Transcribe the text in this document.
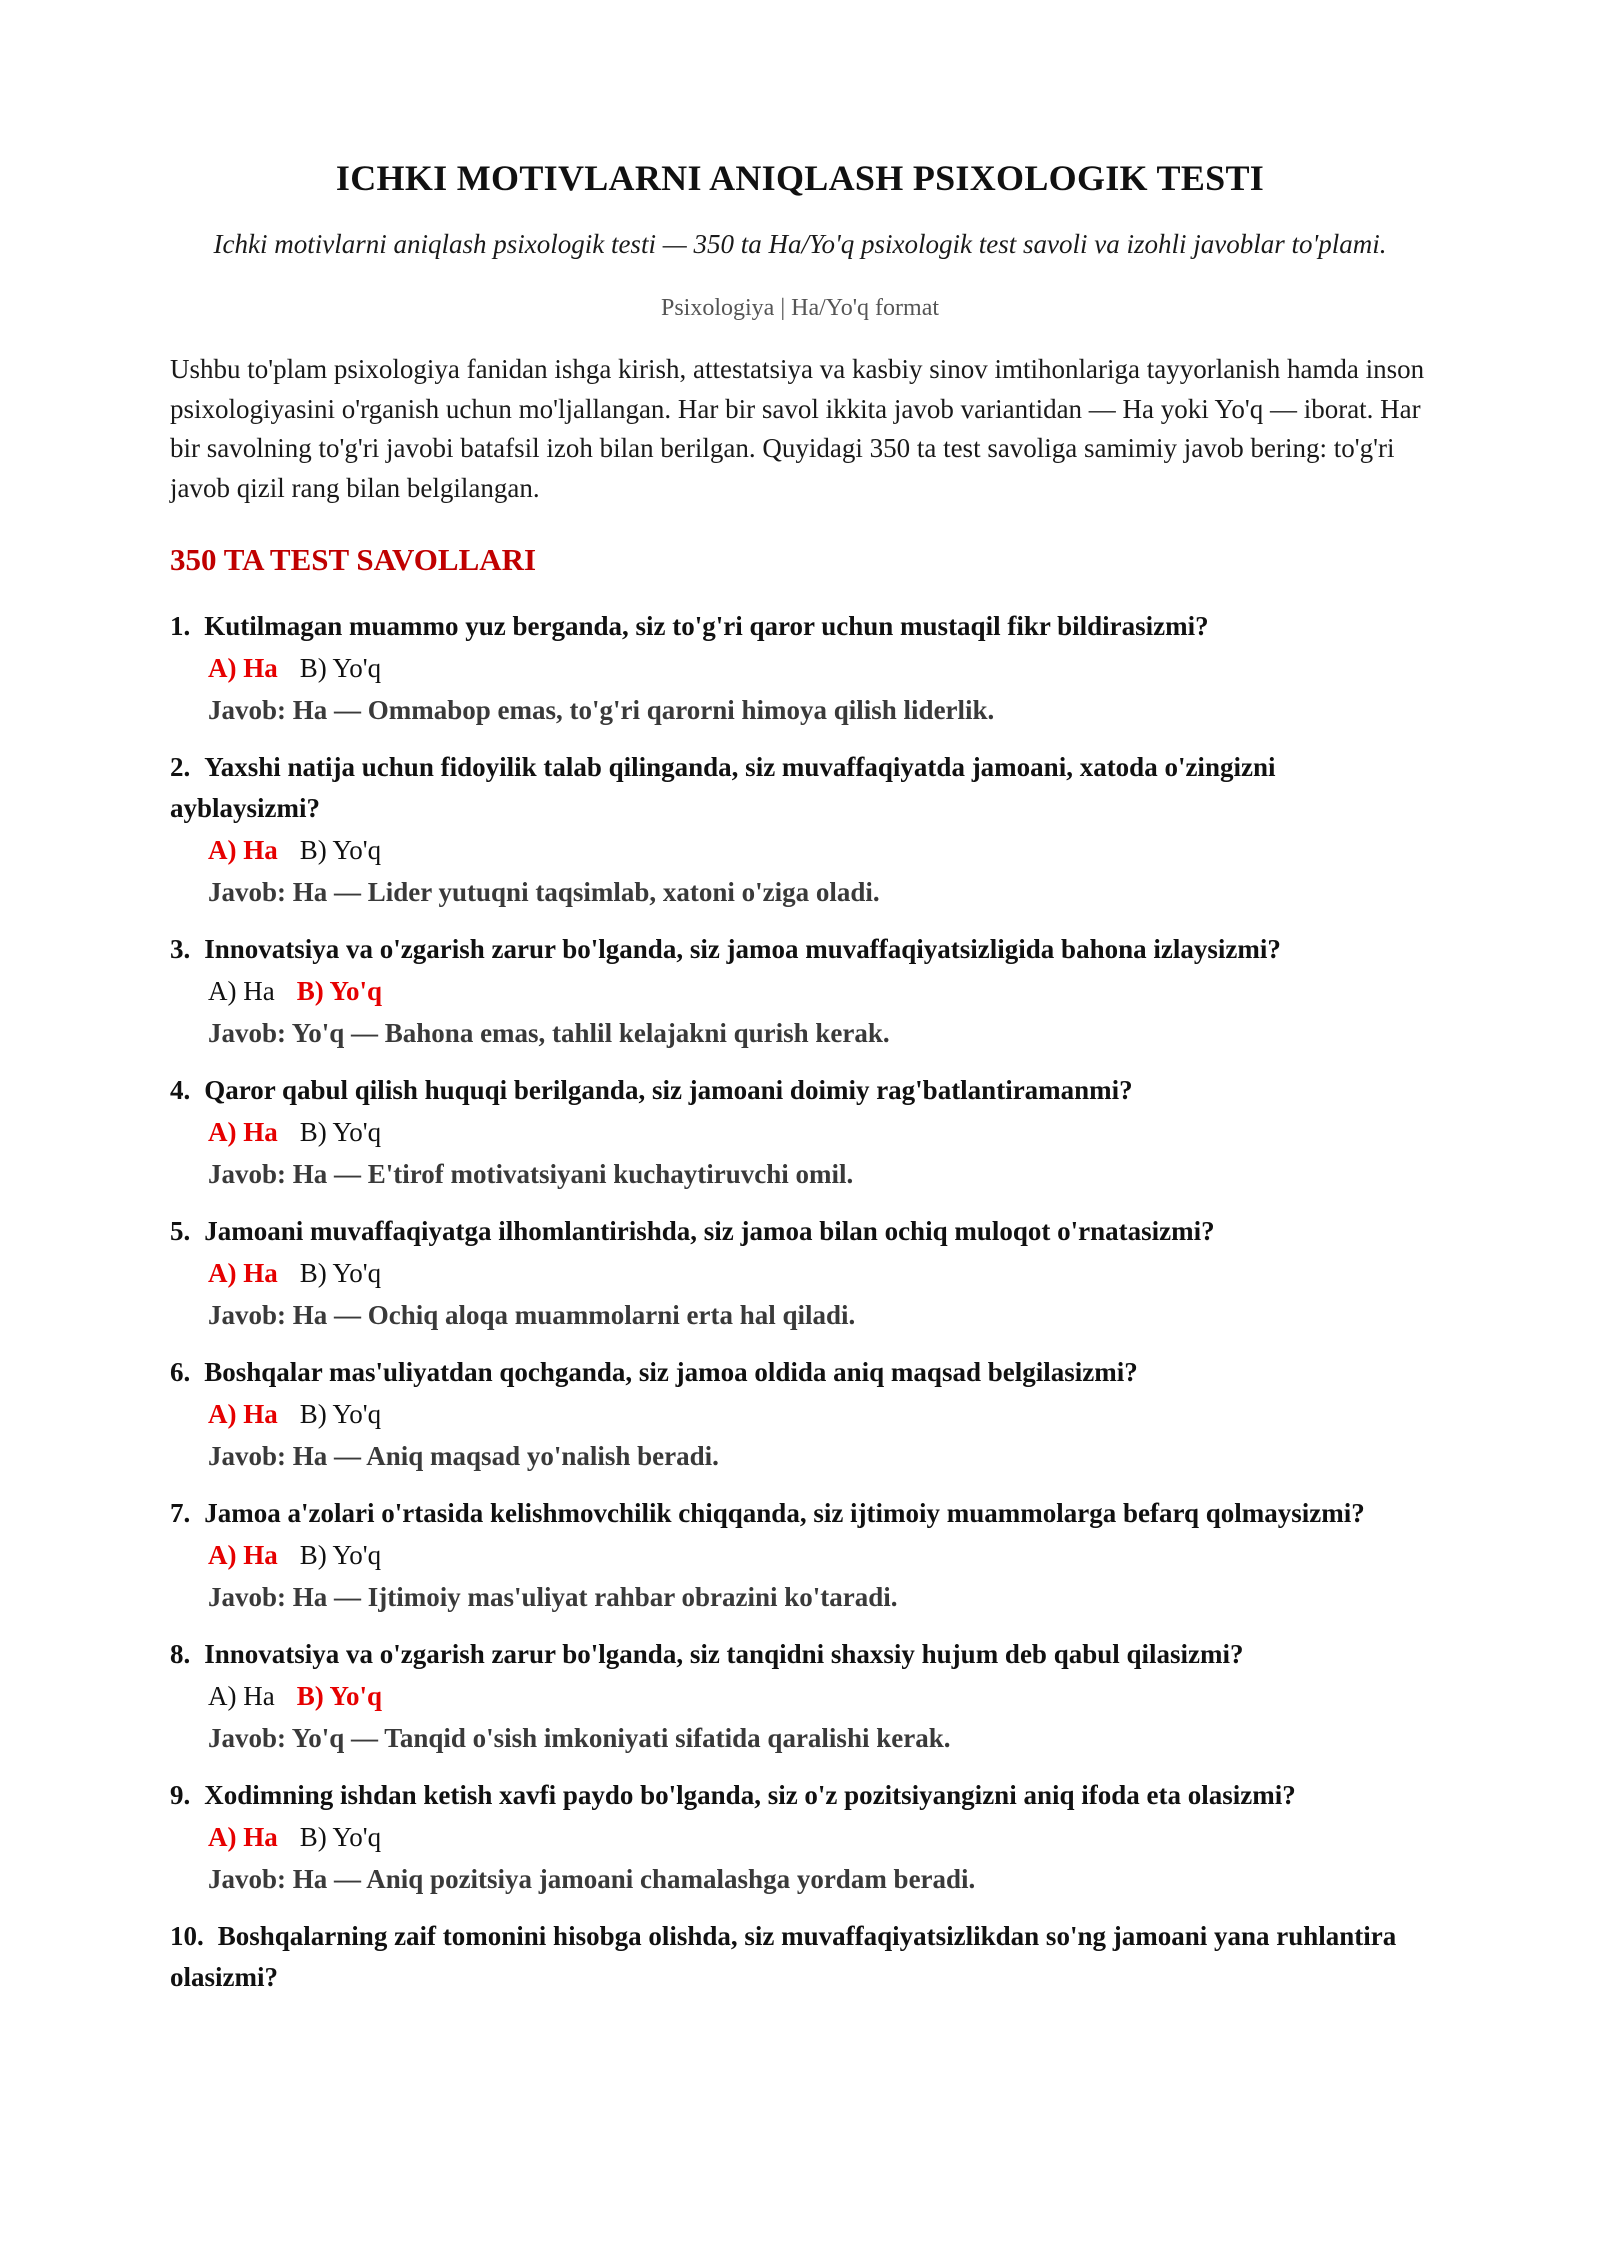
ICHKI MOTIVLARNI ANIQLASH PSIXOLOGIK TESTI
Ichki motivlarni aniqlash psixologik testi — 350 ta Ha/Yo'q psixologik test savoli va izohli javoblar to'plami.
Psixologiya | Ha/Yo'q format
Ushbu to'plam psixologiya fanidan ishga kirish, attestatsiya va kasbiy sinov imtihonlariga tayyorlanish hamda inson psixologiyasini o'rganish uchun mo'ljallangan. Har bir savol ikkita javob variantidan — Ha yoki Yo'q — iborat. Har bir savolning to'g'ri javobi batafsil izoh bilan berilgan. Quyidagi 350 ta test savoliga samimiy javob bering: to'g'ri javob qizil rang bilan belgilangan.
350 TA TEST SAVOLLARI
1. Kutilmagan muammo yuz berganda, siz to'g'ri qaror uchun mustaqil fikr bildirasizmi?
A) Ha B) Yo'q
Javob: Ha — Ommabop emas, to'g'ri qarorni himoya qilish liderlik.
2. Yaxshi natija uchun fidoyilik talab qilinganda, siz muvaffaqiyatda jamoani, xatoda o'zingizni ayblaysizmi?
A) Ha B) Yo'q
Javob: Ha — Lider yutuqni taqsimlab, xatoni o'ziga oladi.
3. Innovatsiya va o'zgarish zarur bo'lganda, siz jamoa muvaffaqiyatsizligida bahona izlaysizmi?
A) Ha B) Yo'q
Javob: Yo'q — Bahona emas, tahlil kelajakni qurish kerak.
4. Qaror qabul qilish huquqi berilganda, siz jamoani doimiy rag'batlantiramanmi?
A) Ha B) Yo'q
Javob: Ha — E'tirof motivatsiyani kuchaytiruvchi omil.
5. Jamoani muvaffaqiyatga ilhomlantirishda, siz jamoa bilan ochiq muloqot o'rnatasizmi?
A) Ha B) Yo'q
Javob: Ha — Ochiq aloqa muammolarni erta hal qiladi.
6. Boshqalar mas'uliyatdan qochganda, siz jamoa oldida aniq maqsad belgilasizmi?
A) Ha B) Yo'q
Javob: Ha — Aniq maqsad yo'nalish beradi.
7. Jamoa a'zolari o'rtasida kelishmovchilik chiqqanda, siz ijtimoiy muammolarga befarq qolmaysizmi?
A) Ha B) Yo'q
Javob: Ha — Ijtimoiy mas'uliyat rahbar obrazini ko'taradi.
8. Innovatsiya va o'zgarish zarur bo'lganda, siz tanqidni shaxsiy hujum deb qabul qilasizmi?
A) Ha B) Yo'q
Javob: Yo'q — Tanqid o'sish imkoniyati sifatida qaralishi kerak.
9. Xodimning ishdan ketish xavfi paydo bo'lganda, siz o'z pozitsiyangizni aniq ifoda eta olasizmi?
A) Ha B) Yo'q
Javob: Ha — Aniq pozitsiya jamoani chamalashga yordam beradi.
10. Boshqalarning zaif tomonini hisobga olishda, siz muvaffaqiyatsizlikdan so'ng jamoani yana ruhlantira olasizmi?
